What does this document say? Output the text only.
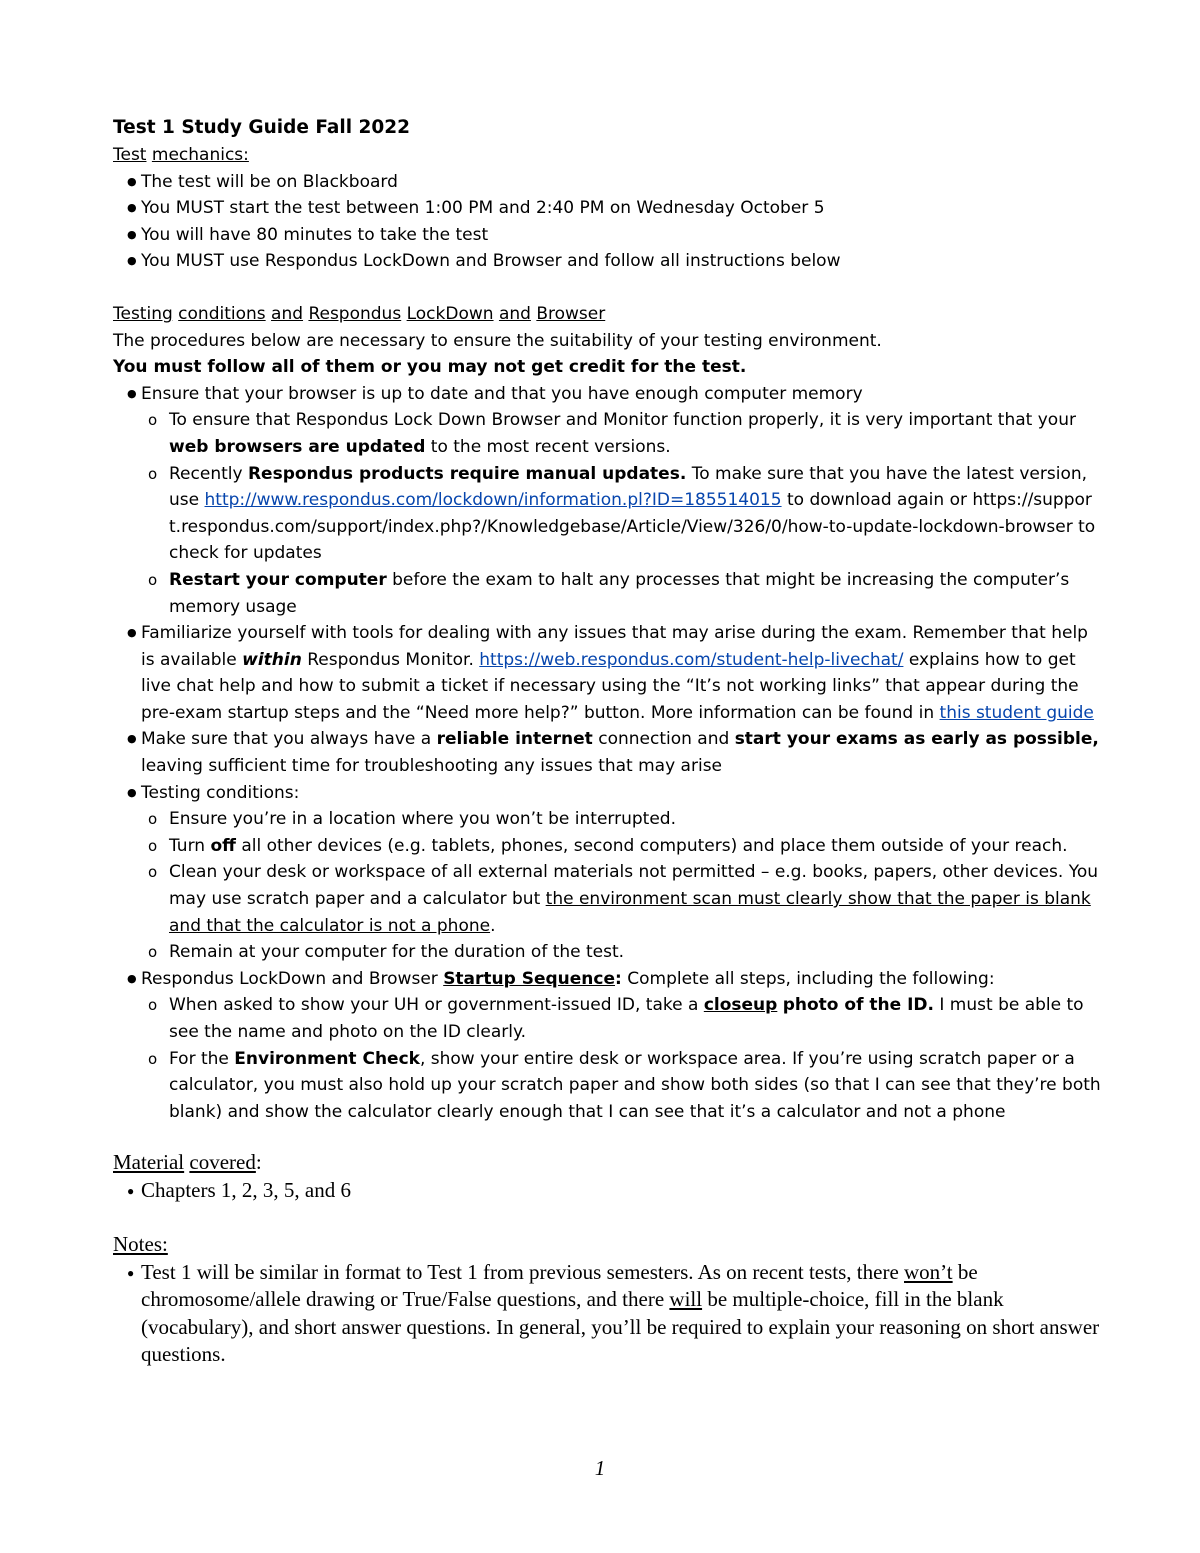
Test 1 Study Guide Fall 2022

Test mechanics:

● The test will be on Blackboard
● You MUST start the test between 1:00 PM and 2:40 PM on Wednesday October 5
● You will have 80 minutes to take the test
● You MUST use Respondus LockDown and Browser and follow all instructions below

Testing conditions and Respondus LockDown and Browser

The procedures below are necessary to ensure the suitability of your testing environment.

You must follow all of them or you may not get credit for the test.

● Ensure that your browser is up to date and that you have enough computer memory
o To ensure that Respondus Lock Down Browser and Monitor function properly, it is very important that your web browsers are updated to the most recent versions.
o Recently Respondus products require manual updates. To make sure that you have the latest version, use http://www.respondus.com/lockdown/information.pl?ID=185514015 to download again or https://support.respondus.com/support/index.php?/Knowledgebase/Article/View/326/0/how-to-update-lockdown-browser to check for updates
o Restart your computer before the exam to halt any processes that might be increasing the computer’s memory usage
● Familiarize yourself with tools for dealing with any issues that may arise during the exam. Remember that help is available within Respondus Monitor. https://web.respondus.com/student-help-livechat/ explains how to get live chat help and how to submit a ticket if necessary using the “It’s not working links” that appear during the pre-exam startup steps and the “Need more help?” button. More information can be found in this student guide
● Make sure that you always have a reliable internet connection and start your exams as early as possible, leaving sufficient time for troubleshooting any issues that may arise
● Testing conditions:
o Ensure you’re in a location where you won’t be interrupted.
o Turn off all other devices (e.g. tablets, phones, second computers) and place them outside of your reach.
o Clean your desk or workspace of all external materials not permitted – e.g. books, papers, other devices. You may use scratch paper and a calculator but the environment scan must clearly show that the paper is blank and that the calculator is not a phone.
o Remain at your computer for the duration of the test.
● Respondus LockDown and Browser Startup Sequence: Complete all steps, including the following:
o When asked to show your UH or government-issued ID, take a closeup photo of the ID. I must be able to see the name and photo on the ID clearly.
o For the Environment Check, show your entire desk or workspace area. If you’re using scratch paper or a calculator, you must also hold up your scratch paper and show both sides (so that I can see that they’re both blank) and show the calculator clearly enough that I can see that it’s a calculator and not a phone

Material covered:

● Chapters 1, 2, 3, 5, and 6

Notes:

● Test 1 will be similar in format to Test 1 from previous semesters. As on recent tests, there won’t be chromosome/allele drawing or True/False questions, and there will be multiple-choice, fill in the blank (vocabulary), and short answer questions. In general, you’ll be required to explain your reasoning on short answer questions.
1
